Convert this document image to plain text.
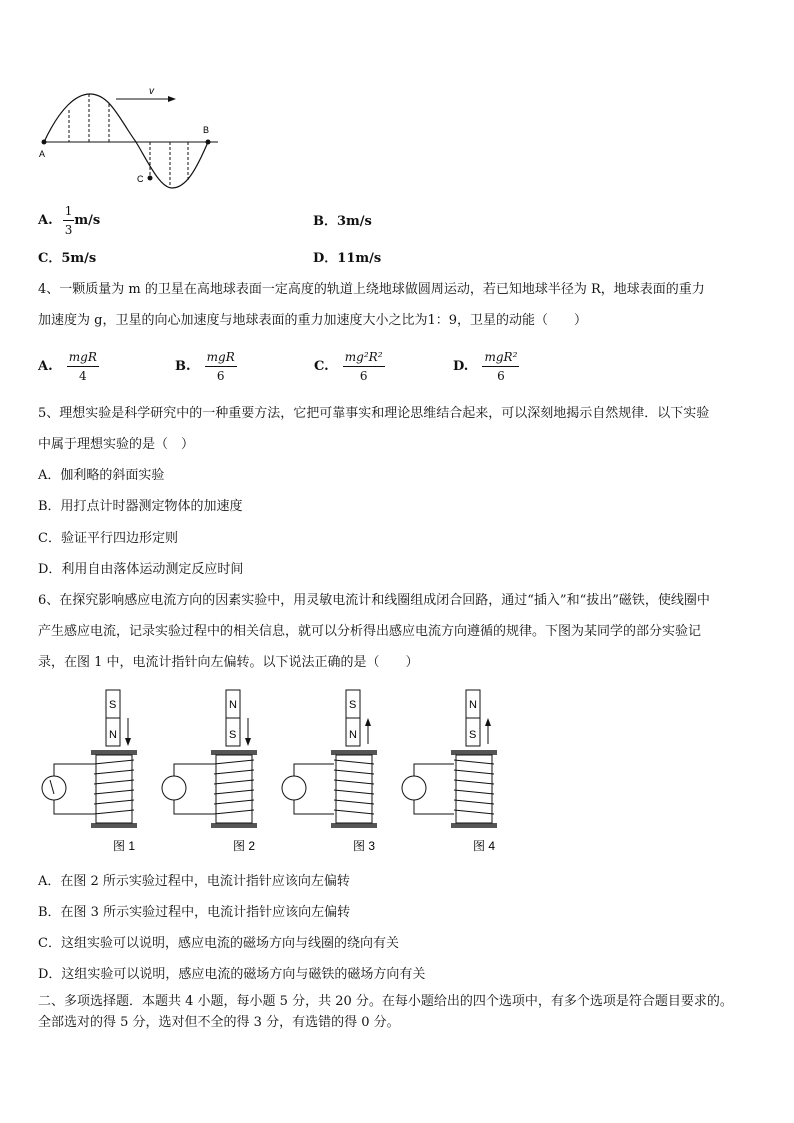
v
A
B
C
A. $\frac{1}{3} m/s$	B．3m/s
C．5m/s	D．11m/s
4、一颗质量为 m 的卫星在高地球表面一定高度的轨道上绕地球做圆周运动，若已知地球半径为 R，地球表面的重力
加速度为 g，卫星的向心加速度与地球表面的重力加速度大小之比为1：9，卫星的动能（　　）
A. $\frac{\text{mgR}}{4}$	B. $\frac{\text{mgR}}{6}$	C. $\frac{\text{mg²R²}}{6}$	D. $\frac{\text{mgR²}}{6}$
5、理想实验是科学研究中的一种重要方法，它把可靠事实和理论思维结合起来，可以深刻地揭示自然规律．以下实验
中属于理想实验的是（　）
A．伽利略的斜面实验
B．用打点计时器测定物体的加速度
C．验证平行四边形定则
D．利用自由落体运动测定反应时间
6、在探究影响感应电流方向的因素实验中，用灵敏电流计和线圈组成闭合回路，通过“插入”和“拔出”磁铁，使线圈中
产生感应电流，记录实验过程中的相关信息，就可以分析得出感应电流方向遵循的规律。下图为某同学的部分实验记
录，在图 1 中，电流计指针向左偏转。以下说法正确的是（　　）
S
N
图 1
N
S
图 2
S
N
图 3
N
S
图 4
A．在图 2 所示实验过程中，电流计指针应该向左偏转
B．在图 3 所示实验过程中，电流计指针应该向左偏转
C．这组实验可以说明，感应电流的磁场方向与线圈的绕向有关
D．这组实验可以说明，感应电流的磁场方向与磁铁的磁场方向有关
二、多项选择题．本题共 4 小题，每小题 5 分，共 20 分。在每小题给出的四个选项中，有多个选项是符合题目要求的。
全部选对的得 5 分，选对但不全的得 3 分，有选错的得 0 分。
